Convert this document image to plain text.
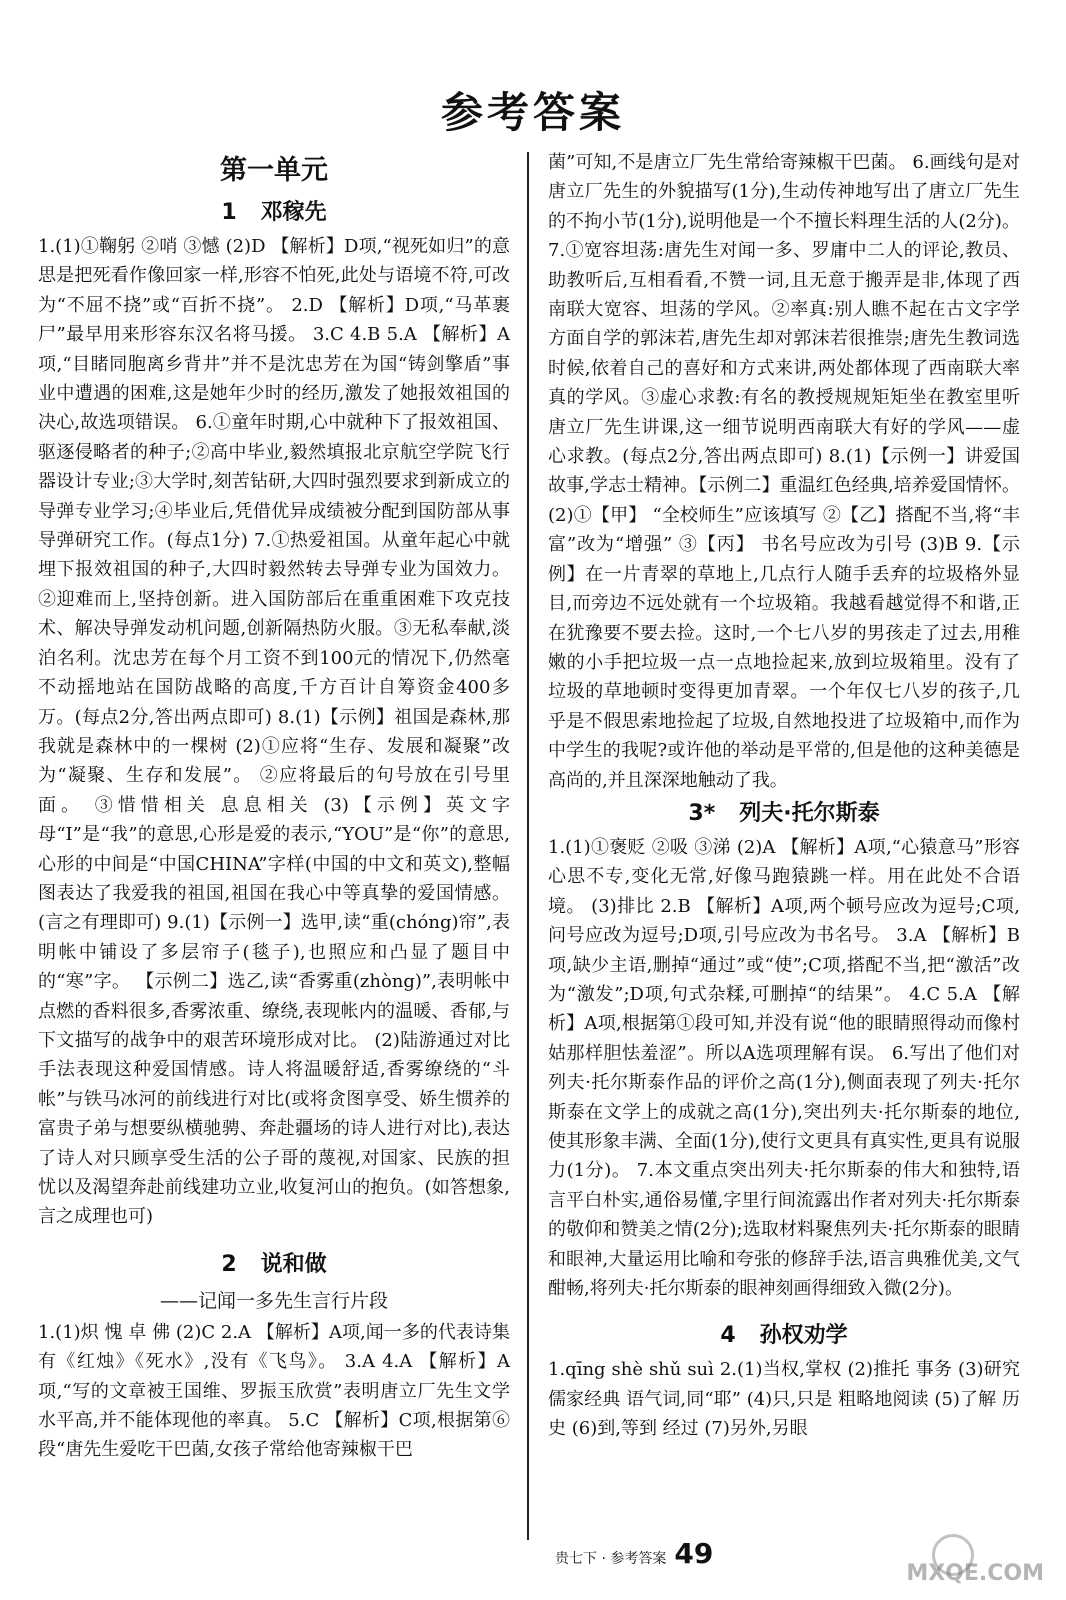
参考答案
第一单元
1 邓稼先

1.(1)①鞠躬 ②哨 ③憾 (2)D 【解析】D项,“视死如归”的意思是把死看作像回家一样,形容不怕死,此处与语境不符,可改为“不屈不挠”或“百折不挠”。 2.D 【解析】D项,“马革裹尸”最早用来形容东汉名将马援。 3.C 4.B 5.A 【解析】A项,“目睹同胞离乡背井”并不是沈忠芳在为国“铸剑擎盾”事业中遭遇的困难,这是她年少时的经历,激发了她报效祖国的决心,故选项错误。 6.①童年时期,心中就种下了报效祖国、驱逐侵略者的种子;②高中毕业,毅然填报北京航空学院飞行器设计专业;③大学时,刻苦钻研,大四时强烈要求到新成立的导弹专业学习;④毕业后,凭借优异成绩被分配到国防部从事导弹研究工作。(每点1分) 7.①热爱祖国。从童年起心中就埋下报效祖国的种子,大四时毅然转去导弹专业为国效力。②迎难而上,坚持创新。进入国防部后在重重困难下攻克技术、解决导弹发动机问题,创新隔热防火服。③无私奉献,淡泊名利。沈忠芳在每个月工资不到100元的情况下,仍然毫不动摇地站在国防战略的高度,千方百计自筹资金400多万。(每点2分,答出两点即可) 8.(1)【示例】祖国是森林,那我就是森林中的一棵树 (2)①应将“生存、发展和凝聚”改为“凝聚、生存和发展”。 ②应将最后的句号放在引号里面。 ③惜惜相关 息息相关 (3)【示例】英文字母“I”是“我”的意思,心形是爱的表示,“YOU”是“你”的意思,心形的中间是“中国CHINA”字样(中国的中文和英文),整幅图表达了我爱我的祖国,祖国在我心中等真挚的爱国情感。(言之有理即可) 9.(1)【示例一】选甲,读“重(chóng)帘”,表明帐中铺设了多层帘子(毯子),也照应和凸显了题目中的“寒”字。 【示例二】选乙,读“香雾重(zhòng)”,表明帐中点燃的香料很多,香雾浓重、缭绕,表现帐内的温暖、香郁,与下文描写的战争中的艰苦环境形成对比。 (2)陆游通过对比手法表现这种爱国情感。诗人将温暖舒适,香雾缭绕的“斗帐”与铁马冰河的前线进行对比(或将贪图享受、娇生惯养的富贵子弟与想要纵横驰骋、奔赴疆场的诗人进行对比),表达了诗人对只顾享受生活的公子哥的蔑视,对国家、民族的担忧以及渴望奔赴前线建功立业,收复河山的抱负。(如答想象,言之成理也可)

2 说和做

——记闻一多先生言行片段

1.(1)炽 愧 卓 佛 (2)C 2.A 【解析】A项,闻一多的代表诗集有《红烛》《死水》,没有《飞鸟》。 3.A 4.A 【解析】A项,“写的文章被王国维、罗振玉欣赏”表明唐立厂先生文学水平高,并不能体现他的率真。 5.C 【解析】C项,根据第⑥段“唐先生爱吃干巴菌,女孩子常给他寄辣椒干巴

菌”可知,不是唐立厂先生常给寄辣椒干巴菌。 6.画线句是对唐立厂先生的外貌描写(1分),生动传神地写出了唐立厂先生的不拘小节(1分),说明他是一个不擅长料理生活的人(2分)。 7.①宽容坦荡:唐先生对闻一多、罗庸中二人的评论,教员、助教听后,互相看看,不赞一词,且无意于搬弄是非,体现了西南联大宽容、坦荡的学风。②率真:别人瞧不起在古文字学方面自学的郭沫若,唐先生却对郭沫若很推崇;唐先生教词选时候,依着自己的喜好和方式来讲,两处都体现了西南联大率真的学风。③虚心求教:有名的教授规规矩矩坐在教室里听唐立厂先生讲课,这一细节说明西南联大有好的学风——虚心求教。(每点2分,答出两点即可) 8.(1)【示例一】讲爱国故事,学志士精神。【示例二】重温红色经典,培养爱国情怀。 (2)①【甲】 “全校师生”应该填写 ②【乙】搭配不当,将“丰富”改为“增强” ③【丙】 书名号应改为引号 (3)B 9.【示例】在一片青翠的草地上,几点行人随手丢弃的垃圾格外显目,而旁边不远处就有一个垃圾箱。我越看越觉得不和谐,正在犹豫要不要去捡。这时,一个七八岁的男孩走了过去,用稚嫩的小手把垃圾一点一点地捡起来,放到垃圾箱里。没有了垃圾的草地顿时变得更加青翠。一个年仅七八岁的孩子,几乎是不假思索地捡起了垃圾,自然地投进了垃圾箱中,而作为中学生的我呢?或许他的举动是平常的,但是他的这种美德是高尚的,并且深深地触动了我。

3* 列夫·托尔斯泰

1.(1)①褒贬 ②吸 ③涕 (2)A 【解析】A项,“心猿意马”形容心思不专,变化无常,好像马跑猿跳一样。用在此处不合语境。 (3)排比 2.B 【解析】A项,两个顿号应改为逗号;C项,问号应改为逗号;D项,引号应改为书名号。 3.A 【解析】B项,缺少主语,删掉“通过”或“使”;C项,搭配不当,把“激活”改为“激发”;D项,句式杂糅,可删掉“的结果”。 4.C 5.A 【解析】A项,根据第①段可知,并没有说“他的眼睛照得动而像村姑那样胆怯羞涩”。所以A选项理解有误。 6.写出了他们对列夫·托尔斯泰作品的评价之高(1分),侧面表现了列夫·托尔斯泰在文学上的成就之高(1分),突出列夫·托尔斯泰的地位,使其形象丰满、全面(1分),使行文更具有真实性,更具有说服力(1分)。 7.本文重点突出列夫·托尔斯泰的伟大和独特,语言平白朴实,通俗易懂,字里行间流露出作者对列夫·托尔斯泰的敬仰和赞美之情(2分);选取材料聚焦列夫·托尔斯泰的眼睛和眼神,大量运用比喻和夸张的修辞手法,语言典雅优美,文气酣畅,将列夫·托尔斯泰的眼神刻画得细致入微(2分)。

4 孙权劝学

1.qīng shè shǔ suì 2.(1)当权,掌权 (2)推托 事务 (3)研究儒家经典 语气词,同“耶” (4)只,只是 粗略地阅读 (5)了解 历史 (6)到,等到 经过 (7)另外,另眼

贵七下 · 参考答案 49
MXQE.COM
